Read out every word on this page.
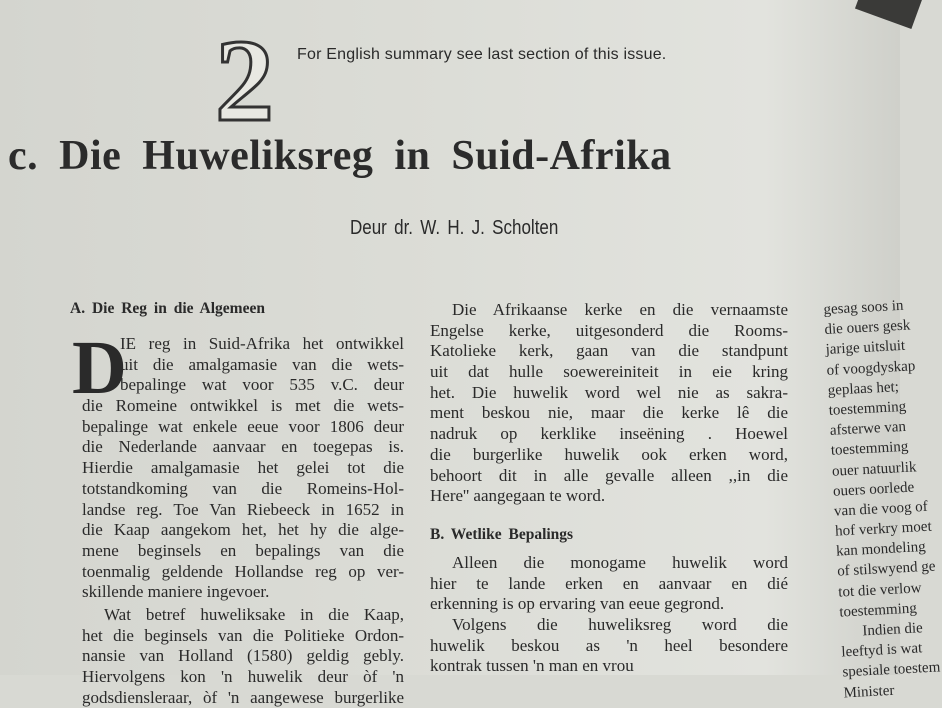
2 For English summary see last section of this issue.
c. Die Huweliksreg in Suid-Afrika
Deur dr. W. H. J. Scholten
A. Die Reg in die Algemeen
D
IE reg in Suid-Afrika het ontwikkel
uit die amalgamasie van die wets-
bepalinge wat voor 535 v.C. deur
die Romeine ontwikkel is met die wets-
bepalinge wat enkele eeue voor 1806 deur
die Nederlande aanvaar en toegepas is.
Hierdie amalgamasie het gelei tot die
totstandkoming van die Romeins-Hol-
landse reg. Toe Van Riebeeck in 1652 in
die Kaap aangekom het, het hy die alge-
mene beginsels en bepalings van die
toenmalig geldende Hollandse reg op ver-
skillende maniere ingevoer.
Wat betref huweliksake in die Kaap,
het die beginsels van die Politieke Ordon-
nansie van Holland (1580) geldig gebly.
Hiervolgens kon 'n huwelik deur òf 'n
godsdiensleraar, òf 'n aangewese burgerlike
Die Afrikaanse kerke en die vernaamste
Engelse kerke, uitgesonderd die Rooms-
Katolieke kerk, gaan van die standpunt
uit dat hulle soewereiniteit in eie kring
het. Die huwelik word wel nie as sakra-
ment beskou nie, maar die kerke lê die
nadruk op kerklike inseëning . Hoewel
die burgerlike huwelik ook erken word,
behoort dit in alle gevalle alleen ,,in die
Here'' aangegaan te word.
B. Wetlike Bepalings
Alleen die monogame huwelik word
hier te lande erken en aanvaar en dié
erkenning is op ervaring van eeue gegrond.
Volgens die huweliksreg word die
huwelik beskou as 'n heel besondere
kontrak tussen 'n man en vrou
gesag soos in
die ouers gesk
jarige uitsluit
of voogdyskap
geplaas het;
toestemming
afsterwe van
toestemming
ouer natuurlik
ouers oorlede
van die voog of
hof verkry moet
kan mondeling
of stilswyend ge
tot die verlow
toestemming
Indien die
leeftyd is wat
spesiale toestem
Minister
